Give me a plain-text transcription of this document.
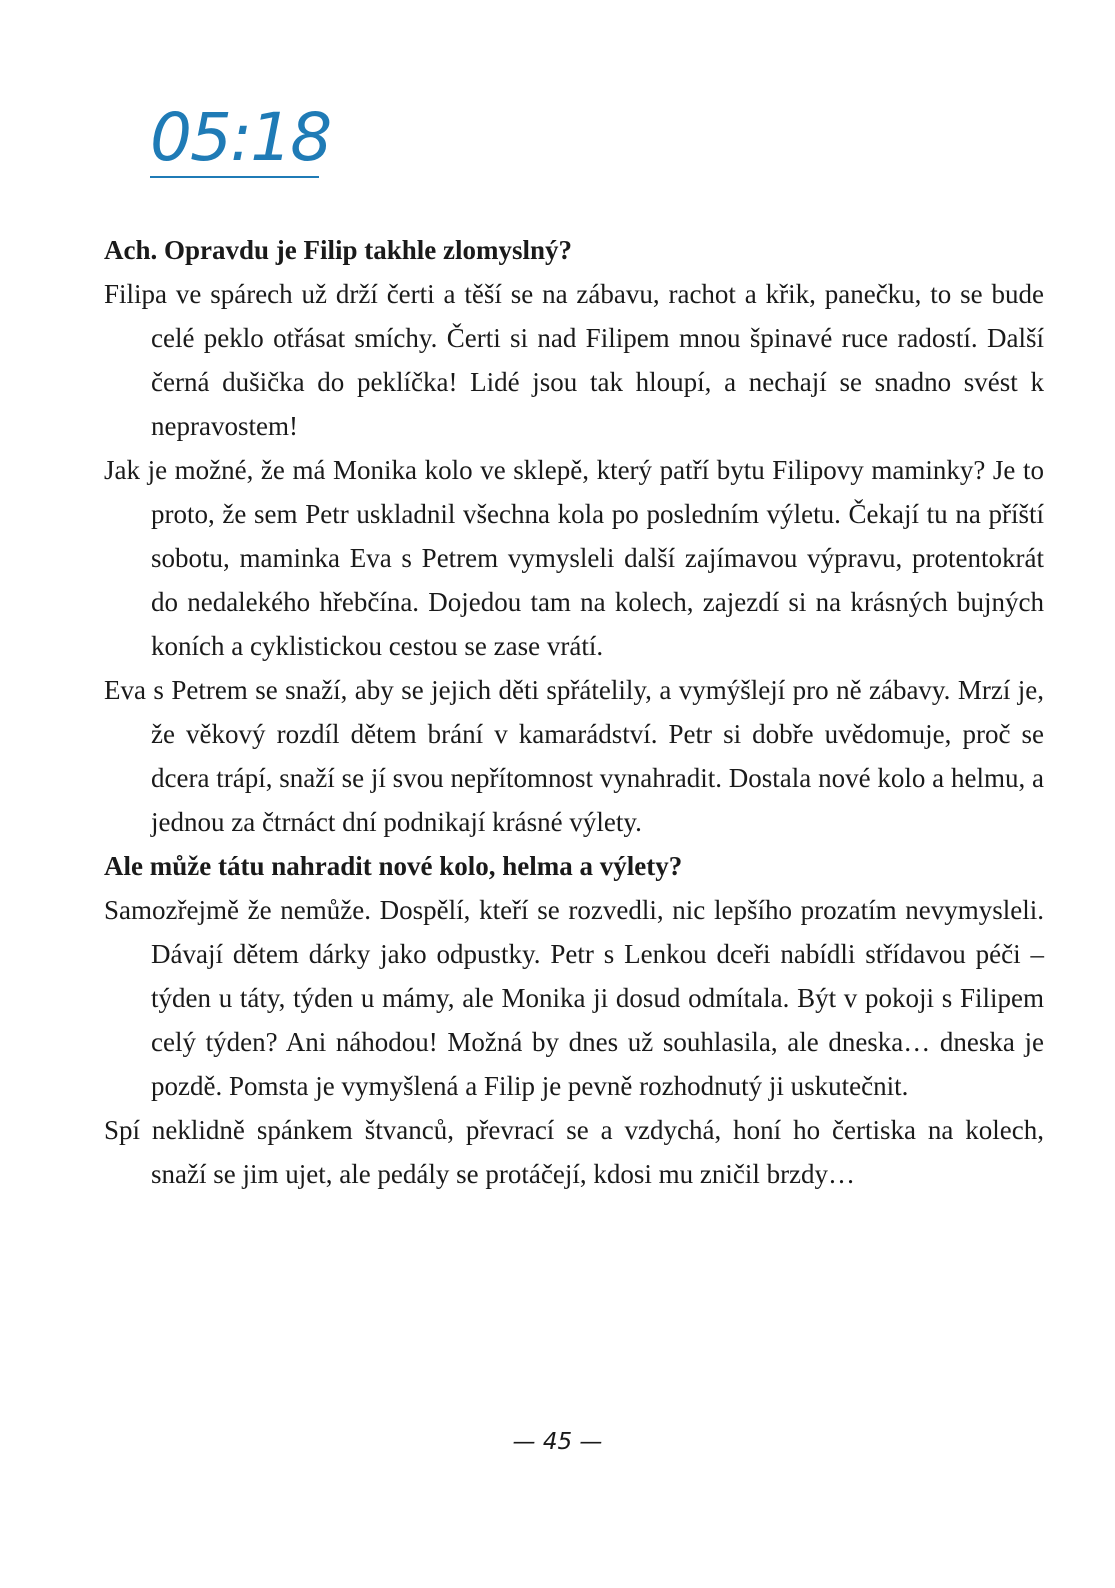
05:18

Ach. Opravdu je Filip takhle zlomyslný?

Filipa ve spárech už drží čerti a těší se na zábavu, rachot a křik, panečku, to se bude celé peklo otřásat smíchy. Čerti si nad Filipem mnou špinavé ruce radostí. Další černá dušička do peklíčka! Lidé jsou tak hloupí, a nechají se snadno svést k nepravostem!

Jak je možné, že má Monika kolo ve sklepě, který patří bytu Filipovy maminky? Je to proto, že sem Petr uskladnil všechna kola po posledním výletu. Čekají tu na příští sobotu, maminka Eva s Petrem vymysleli další zajímavou výpravu, protentokrát do nedalekého hřebčína. Dojedou tam na kolech, zajezdí si na krásných bujných koních a cyklistickou cestou se zase vrátí.

Eva s Petrem se snaží, aby se jejich děti spřátelily, a vymýšlejí pro ně zábavy. Mrzí je, že věkový rozdíl dětem brání v kamarádství. Petr si dobře uvědomuje, proč se dcera trápí, snaží se jí svou nepřítomnost vynahradit. Dostala nové kolo a helmu, a jednou za čtrnáct dní podnikají krásné výlety.

Ale může tátu nahradit nové kolo, helma a výlety?

Samozřejmě že nemůže. Dospělí, kteří se rozvedli, nic lepšího prozatím nevymysleli. Dávají dětem dárky jako odpustky. Petr s Lenkou dceři nabídli střídavou péči – týden u táty, týden u mámy, ale Monika ji dosud odmítala. Být v pokoji s Filipem celý týden? Ani náhodou! Možná by dnes už souhlasila, ale dneska… dneska je pozdě. Pomsta je vymyšlená a Filip je pevně rozhodnutý ji uskutečnit.

Spí neklidně spánkem štvanců, převrací se a vzdychá, honí ho čertiska na kolech, snaží se jim ujet, ale pedály se protáčejí, kdosi mu zničil brzdy…

— 45 —
